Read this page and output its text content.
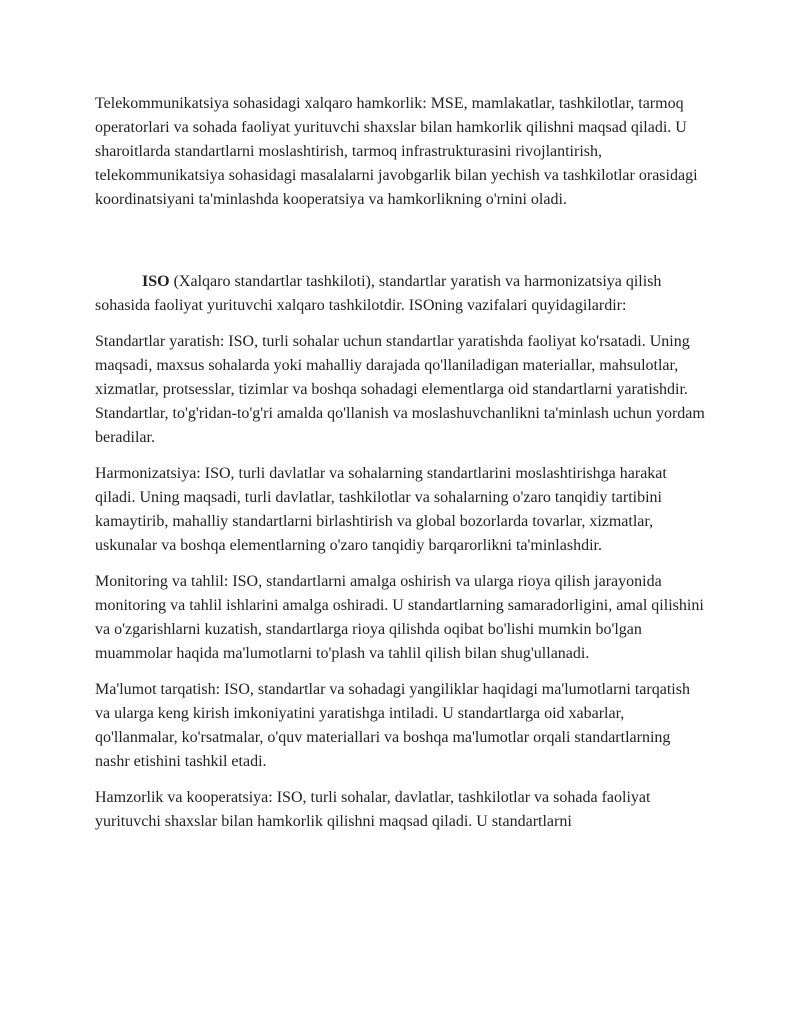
Telekommunikatsiya sohasidagi xalqaro hamkorlik: MSE, mamlakatlar, tashkilotlar, tarmoq operatorlari va sohada faoliyat yurituvchi shaxslar bilan hamkorlik qilishni maqsad qiladi. U sharoitlarda standartlarni moslashtirish, tarmoq infrastrukturasini rivojlantirish, telekommunikatsiya sohasidagi masalalarni javobgarlik bilan yechish va tashkilotlar orasidagi koordinatsiyani ta'minlashda kooperatsiya va hamkorlikning o'rnini oladi.

ISO (Xalqaro standartlar tashkiloti), standartlar yaratish va harmonizatsiya qilish sohasida faoliyat yurituvchi xalqaro tashkilotdir. ISOning vazifalari quyidagilardir:

Standartlar yaratish: ISO, turli sohalar uchun standartlar yaratishda faoliyat ko'rsatadi. Uning maqsadi, maxsus sohalarda yoki mahalliy darajada qo'llaniladigan materiallar, mahsulotlar, xizmatlar, protsesslar, tizimlar va boshqa sohadagi elementlarga oid standartlarni yaratishdir. Standartlar, to'g'ridan-to'g'ri amalda qo'llanish va moslashuvchanlikni ta'minlash uchun yordam beradilar.

Harmonizatsiya: ISO, turli davlatlar va sohalarning standartlarini moslashtirishga harakat qiladi. Uning maqsadi, turli davlatlar, tashkilotlar va sohalarning o'zaro tanqidiy tartibini kamaytirib, mahalliy standartlarni birlashtirish va global bozorlarda tovarlar, xizmatlar, uskunalar va boshqa elementlarning o'zaro tanqidiy barqarorlikni ta'minlashdir.

Monitoring va tahlil: ISO, standartlarni amalga oshirish va ularga rioya qilish jarayonida monitoring va tahlil ishlarini amalga oshiradi. U standartlarning samaradorligini, amal qilishini va o'zgarishlarni kuzatish, standartlarga rioya qilishda oqibat bo'lishi mumkin bo'lgan muammolar haqida ma'lumotlarni to'plash va tahlil qilish bilan shug'ullanadi.

Ma'lumot tarqatish: ISO, standartlar va sohadagi yangiliklar haqidagi ma'lumotlarni tarqatish va ularga keng kirish imkoniyatini yaratishga intiladi. U standartlarga oid xabarlar, qo'llanmalar, ko'rsatmalar, o'quv materiallari va boshqa ma'lumotlar orqali standartlarning nashr etishini tashkil etadi.

Hamzorlik va kooperatsiya: ISO, turli sohalar, davlatlar, tashkilotlar va sohada faoliyat yurituvchi shaxslar bilan hamkorlik qilishni maqsad qiladi. U standartlarni
